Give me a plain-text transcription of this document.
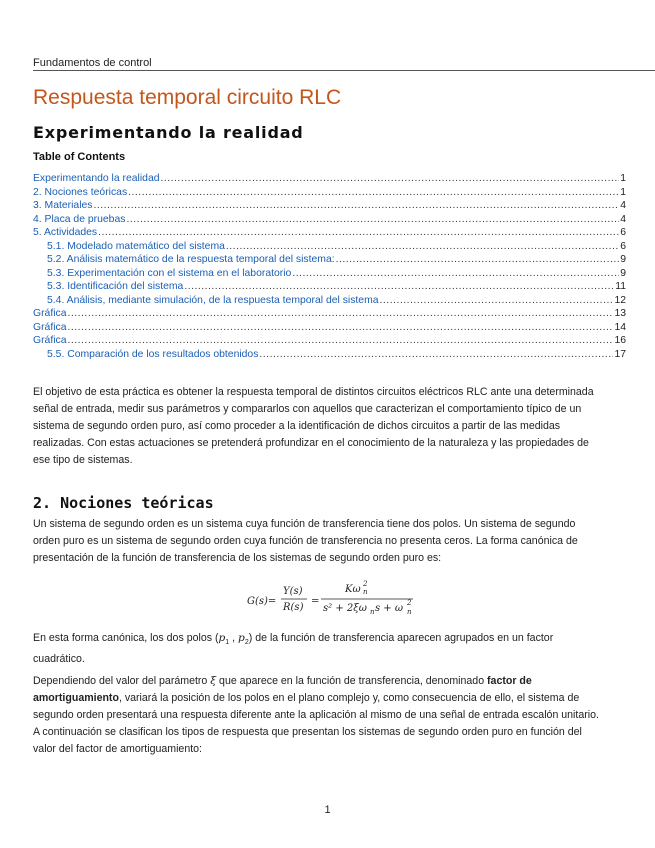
Fundamentos de control
Respuesta temporal circuito RLC
Experimentando la realidad
Table of Contents
Experimentando la realidad .....	1
2. Nociones teóricas .....	1
3. Materiales .....	4
4. Placa de pruebas .....	4
5. Actividades .....	6
5.1. Modelado matemático del sistema .....	6
5.2. Análisis matemático de la respuesta temporal del sistema: .....	9
5.3. Experimentación con el sistema en el laboratorio .....	9
5.3. Identificación del sistema .....	11
5.4. Análisis, mediante simulación, de la respuesta temporal del sistema .....	12
Gráfica .....	13
Gráfica .....	14
Gráfica .....	16
5.5. Comparación de los resultados obtenidos .....	17

El objetivo de esta práctica es obtener la respuesta temporal de distintos circuitos eléctricos RLC ante una determinada señal de entrada, medir sus parámetros y compararlos con aquellos que caracterizan el comportamiento típico de un sistema de segundo orden puro, así como proceder a la identificación de dichos circuitos a partir de las medidas realizadas. Con estas actuaciones se pretenderá profundizar en el conocimiento de la naturaleza y las propiedades de ese tipo de sistemas.

2. Nociones teóricas

Un sistema de segundo orden es un sistema cuya función de transferencia tiene dos polos. Un sistema de segundo orden puro es un sistema de segundo orden cuya función de transferencia no presenta ceros. La forma canónica de presentación de la función de transferencia de los sistemas de segundo orden puro es:

G(s)=
Y(s)
R(s)
=
Kω 2
n
s² + 2ξω n s + ω 2
n

En esta forma canónica, los dos polos ($p_1$ , $p_2$) de la función de transferencia aparecen agrupados en un factor cuadrático.

Dependiendo del valor del parámetro ξ que aparece en la función de transferencia, denominado factor de amortiguamiento, variará la posición de los polos en el plano complejo y, como consecuencia de ello, el sistema de segundo orden presentará una respuesta diferente ante la aplicación al mismo de una señal de entrada escalón unitario. A continuación se clasifican los tipos de respuesta que presentan los sistemas de segundo orden puro en función del valor del factor de amortiguamiento:

1
